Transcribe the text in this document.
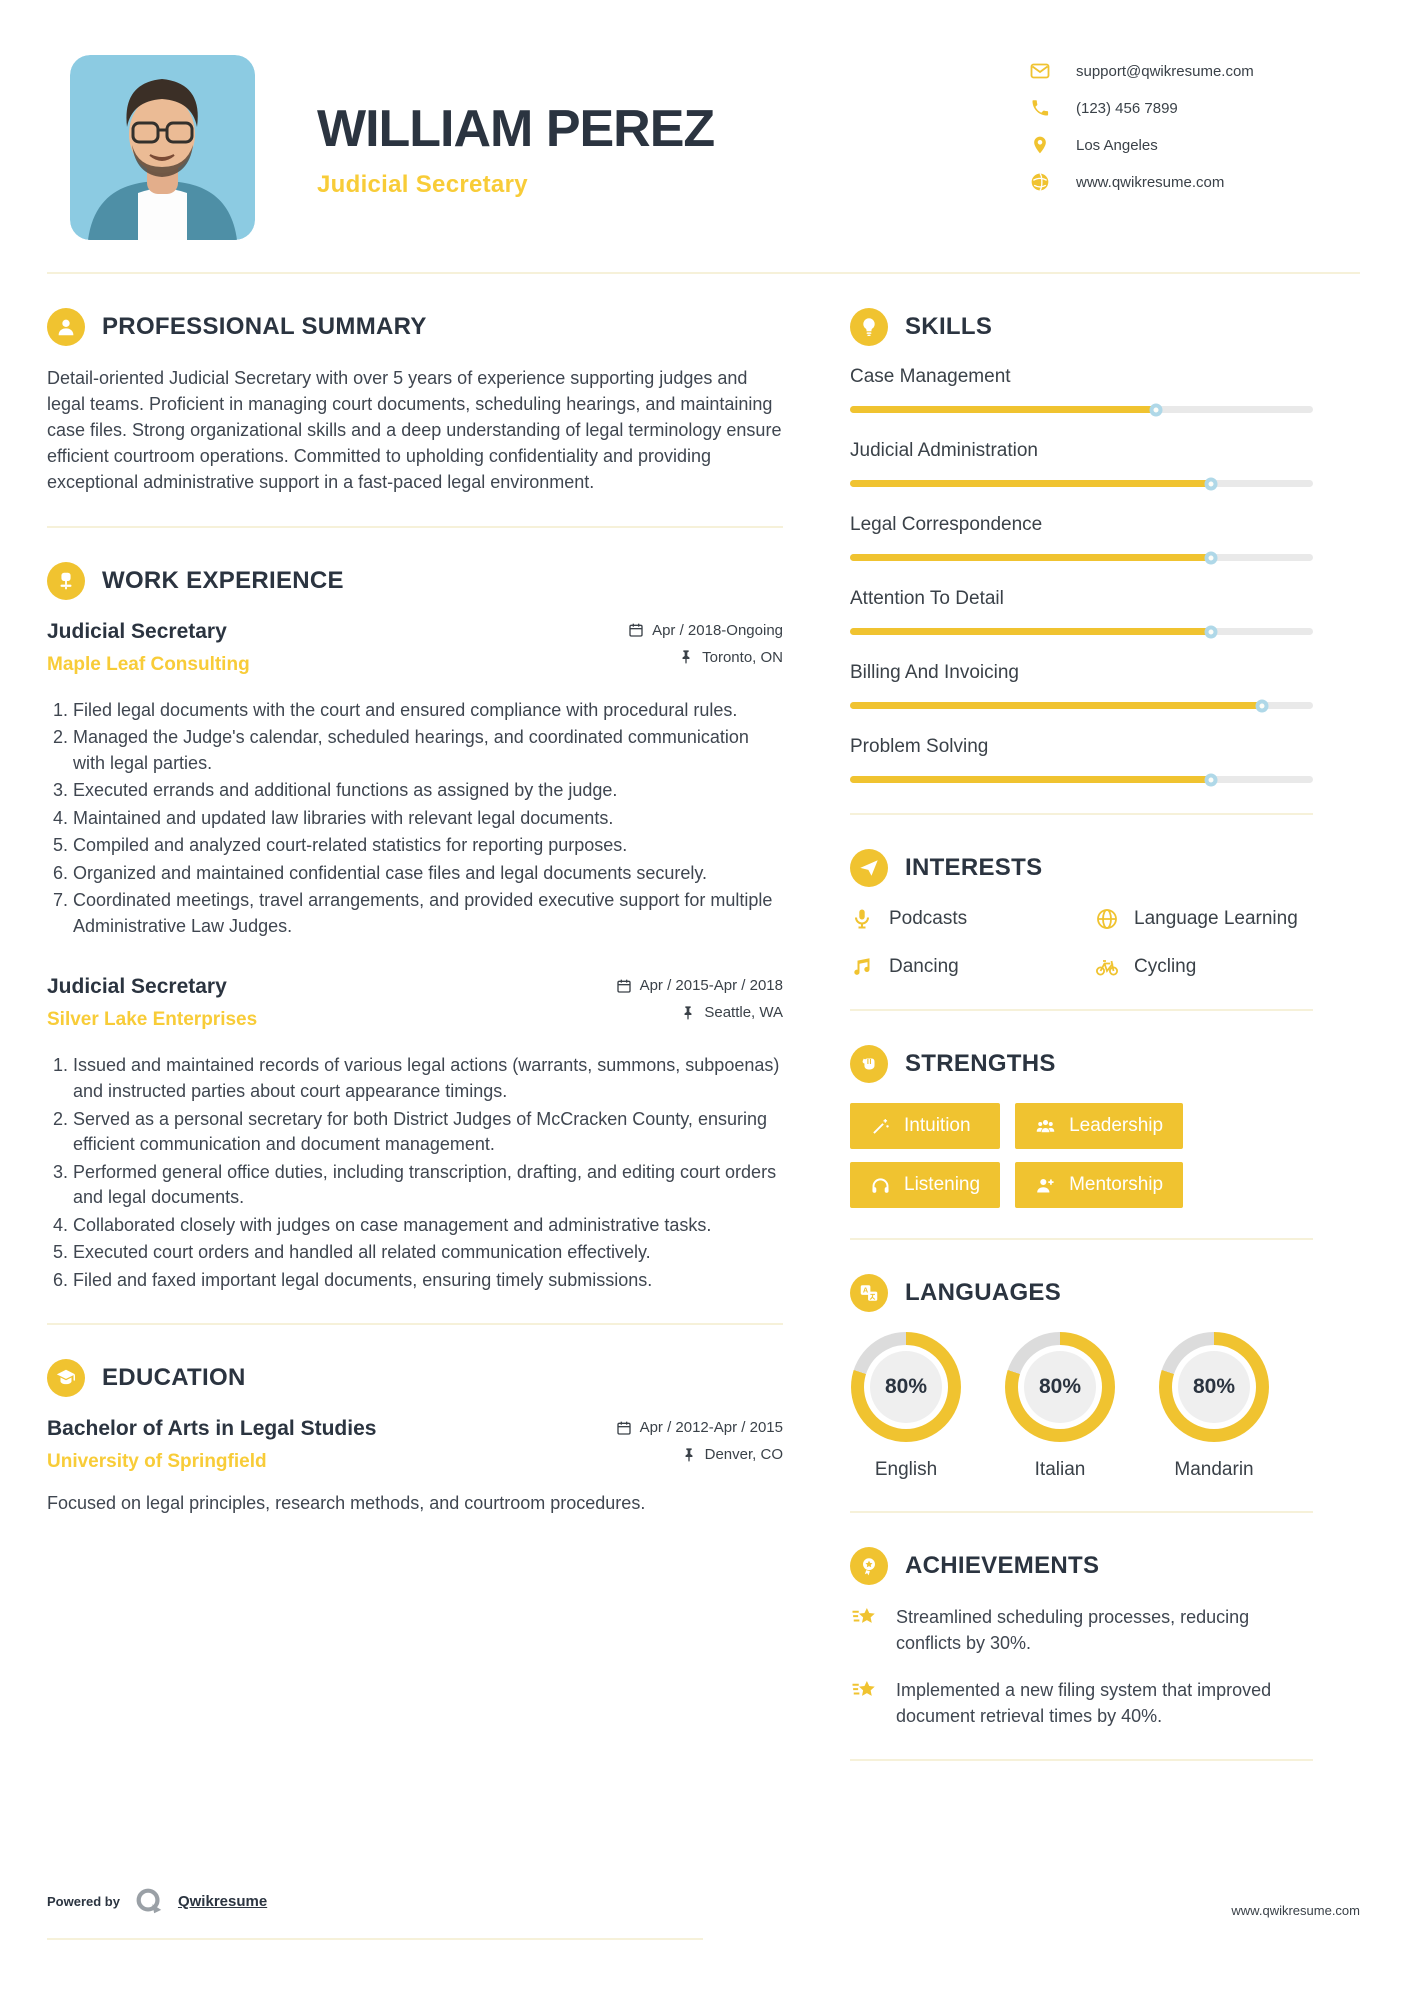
WILLIAM PEREZ
Judicial Secretary
support@qwikresume.com
(123) 456 7899
Los Angeles
www.qwikresume.com
PROFESSIONAL SUMMARY

Detail-oriented Judicial Secretary with over 5 years of experience supporting judges and legal teams. Proficient in managing court documents, scheduling hearings, and maintaining case files. Strong organizational skills and a deep understanding of legal terminology ensure efficient courtroom operations. Committed to upholding confidentiality and providing exceptional administrative support in a fast-paced legal environment.

WORK EXPERIENCE
Judicial Secretary
Maple Leaf Consulting
Apr / 2018-Ongoing
Toronto, ON
1. Filed legal documents with the court and ensured compliance with procedural rules.
2. Managed the Judge's calendar, scheduled hearings, and coordinated communication with legal parties.
3. Executed errands and additional functions as assigned by the judge.
4. Maintained and updated law libraries with relevant legal documents.
5. Compiled and analyzed court-related statistics for reporting purposes.
6. Organized and maintained confidential case files and legal documents securely.
7. Coordinated meetings, travel arrangements, and provided executive support for multiple Administrative Law Judges.
Judicial Secretary
Silver Lake Enterprises
Apr / 2015-Apr / 2018
Seattle, WA
1. Issued and maintained records of various legal actions (warrants, summons, subpoenas) and instructed parties about court appearance timings.
2. Served as a personal secretary for both District Judges of McCracken County, ensuring efficient communication and document management.
3. Performed general office duties, including transcription, drafting, and editing court orders and legal documents.
4. Collaborated closely with judges on case management and administrative tasks.
5. Executed court orders and handled all related communication effectively.
6. Filed and faxed important legal documents, ensuring timely submissions.
EDUCATION
Bachelor of Arts in Legal Studies
University of Springfield
Apr / 2012-Apr / 2015
Denver, CO

Focused on legal principles, research methods, and courtroom procedures.

SKILLS
Case Management
Judicial Administration
Legal Correspondence
Attention To Detail
Billing And Invoicing
Problem Solving
INTERESTS
Podcasts	Language Learning
Dancing	Cycling
STRENGTHS
Intuition	Leadership
Listening	Mentorship
A LANGUAGES
80%
English
80%
Italian
80%
Mandarin
ACHIEVEMENTS
Streamlined scheduling processes, reducing conflicts by 30%.
Implemented a new filing system that improved document retrieval times by 40%.
Powered by	Qwikresume
www.qwikresume.com
